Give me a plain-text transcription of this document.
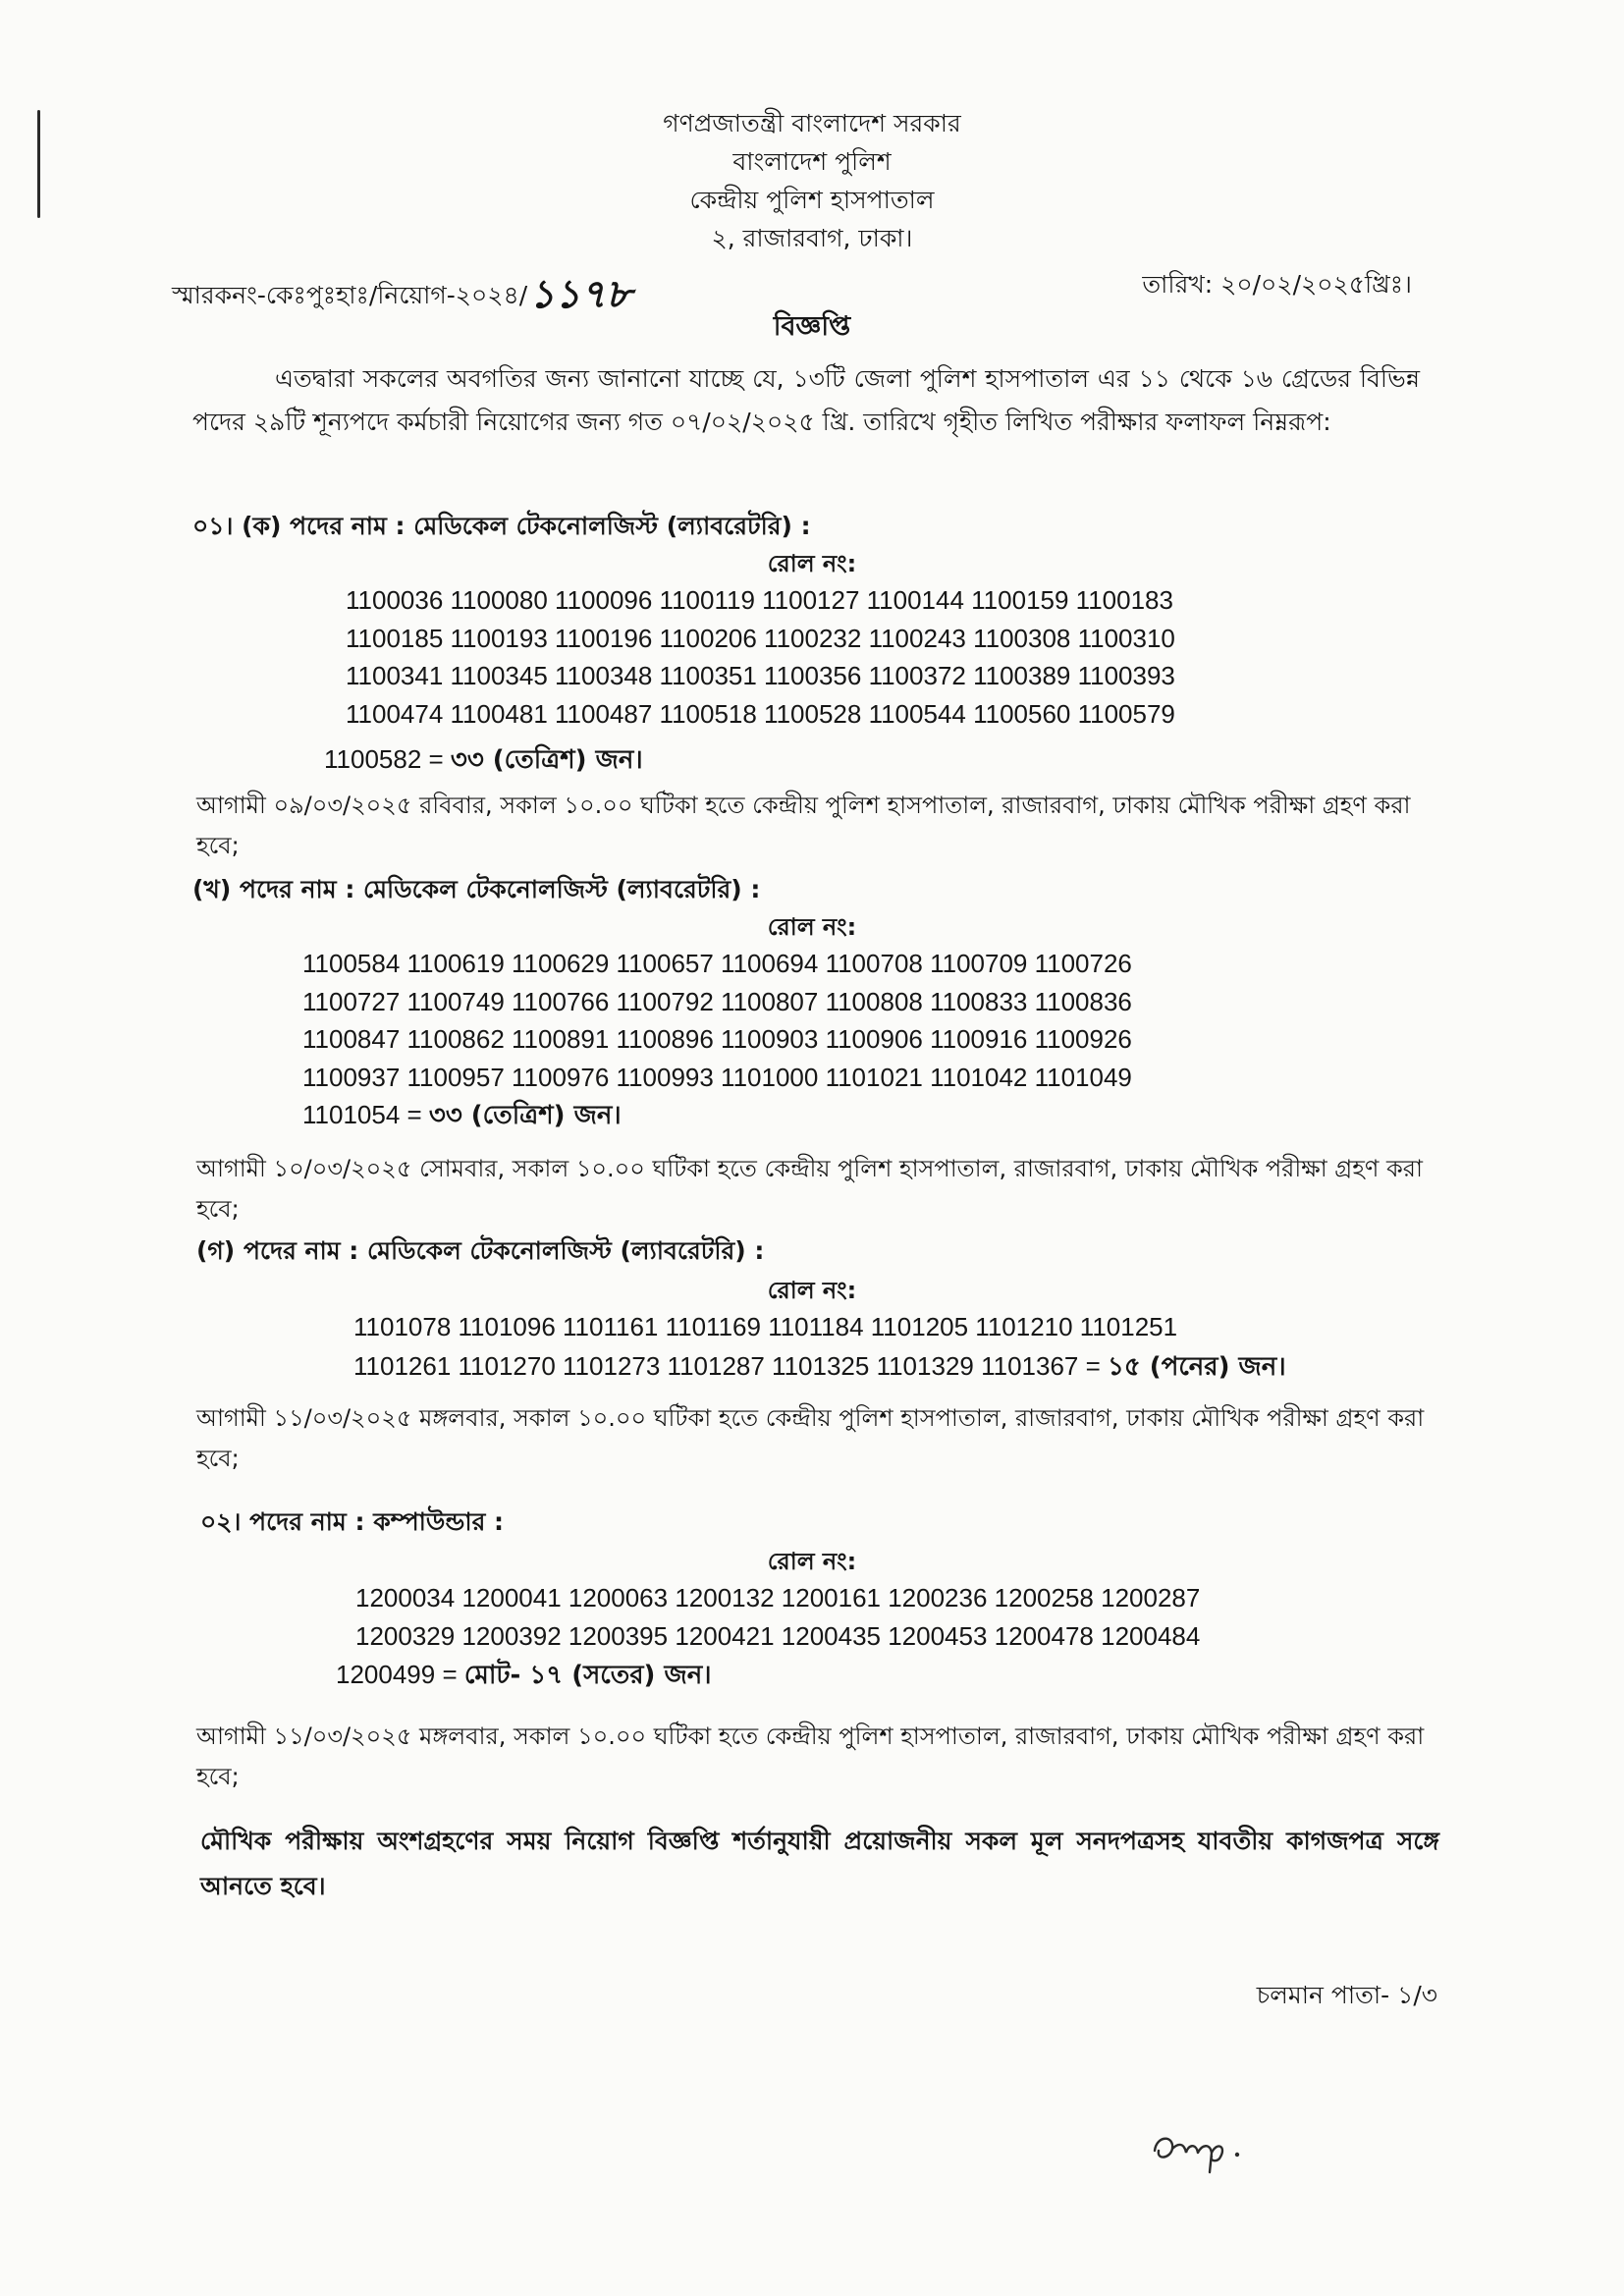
গণপ্রজাতন্ত্রী বাংলাদেশ সরকার
বাংলাদেশ পুলিশ
কেন্দ্রীয় পুলিশ হাসপাতাল
২, রাজারবাগ, ঢাকা।
স্মারকনং-কেঃপুঃহাঃ/নিয়োগ-২০২৪/১১৭৮	তারিখ: ২০/০২/২০২৫খ্রিঃ।
বিজ্ঞপ্তি
এতদ্বারা সকলের অবগতির জন্য জানানো যাচ্ছে যে, ১৩টি জেলা পুলিশ হাসপাতাল এর ১১ থেকে ১৬ গ্রেডের বিভিন্ন পদের ২৯টি শূন্যপদে কর্মচারী নিয়োগের জন্য গত ০৭/০২/২০২৫ খ্রি. তারিখে গৃহীত লিখিত পরীক্ষার ফলাফল নিম্নরূপ:
০১। (ক) পদের নাম : মেডিকেল টেকনোলজিস্ট (ল্যাবরেটরি) :
রোল নং:
1100036 1100080 1100096 1100119 1100127 1100144 1100159 1100183
1100185 1100193 1100196 1100206 1100232 1100243 1100308 1100310
1100341 1100345 1100348 1100351 1100356 1100372 1100389 1100393
1100474 1100481 1100487 1100518 1100528 1100544 1100560 1100579
1100582 = ৩৩ (তেত্রিশ) জন।
আগামী ০৯/০৩/২০২৫ রবিবার, সকাল ১০.০০ ঘটিকা হতে কেন্দ্রীয় পুলিশ হাসপাতাল, রাজারবাগ, ঢাকায় মৌখিক পরীক্ষা গ্রহণ করা হবে;
(খ) পদের নাম : মেডিকেল টেকনোলজিস্ট (ল্যাবরেটরি) :
রোল নং:
1100584 1100619 1100629 1100657 1100694 1100708 1100709 1100726
1100727 1100749 1100766 1100792 1100807 1100808 1100833 1100836
1100847 1100862 1100891 1100896 1100903 1100906 1100916 1100926
1100937 1100957 1100976 1100993 1101000 1101021 1101042 1101049
1101054 = ৩৩ (তেত্রিশ) জন।
আগামী ১০/০৩/২০২৫ সোমবার, সকাল ১০.০০ ঘটিকা হতে কেন্দ্রীয় পুলিশ হাসপাতাল, রাজারবাগ, ঢাকায় মৌখিক পরীক্ষা গ্রহণ করা হবে;
(গ) পদের নাম : মেডিকেল টেকনোলজিস্ট (ল্যাবরেটরি) :
রোল নং:
1101078 1101096 1101161 1101169 1101184 1101205 1101210 1101251
1101261 1101270 1101273 1101287 1101325 1101329 1101367 = ১৫ (পনের) জন।
আগামী ১১/০৩/২০২৫ মঙ্গলবার, সকাল ১০.০০ ঘটিকা হতে কেন্দ্রীয় পুলিশ হাসপাতাল, রাজারবাগ, ঢাকায় মৌখিক পরীক্ষা গ্রহণ করা হবে;
০২। পদের নাম : কম্পাউন্ডার :
রোল নং:
1200034 1200041 1200063 1200132 1200161 1200236 1200258 1200287
1200329 1200392 1200395 1200421 1200435 1200453 1200478 1200484
1200499 = মোট- ১৭ (সতের) জন।
আগামী ১১/০৩/২০২৫ মঙ্গলবার, সকাল ১০.০০ ঘটিকা হতে কেন্দ্রীয় পুলিশ হাসপাতাল, রাজারবাগ, ঢাকায় মৌখিক পরীক্ষা গ্রহণ করা হবে;
মৌখিক পরীক্ষায় অংশগ্রহণের সময় নিয়োগ বিজ্ঞপ্তি শর্তানুযায়ী প্রয়োজনীয় সকল মূল সনদপত্রসহ যাবতীয় কাগজপত্র সঙ্গে আনতে হবে।
চলমান পাতা- ১/৩
